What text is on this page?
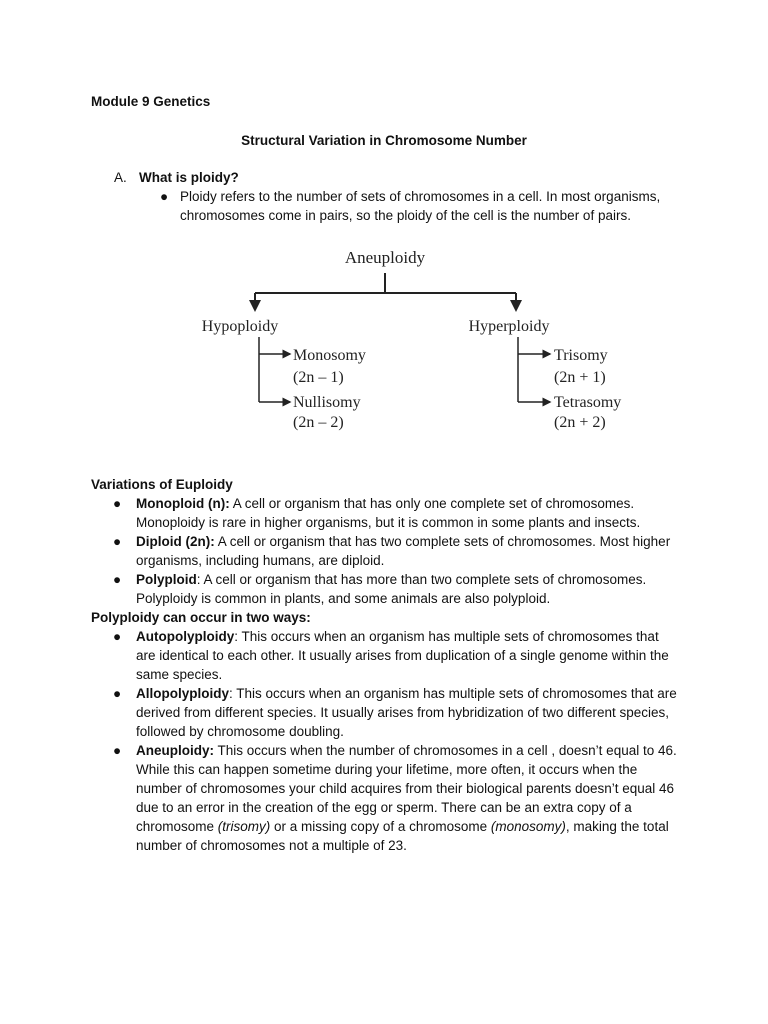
Module 9 Genetics
Structural Variation in Chromosome Number
A. What is ploidy?
● Ploidy refers to the number of sets of chromosomes in a cell. In most organisms, chromosomes come in pairs, so the ploidy of the cell is the number of pairs.
Aneuploidy
Hypoploidy	Hyperploidy
Monosomy
(2n – 1)
Nullisomy
(2n – 2)
Trisomy
(2n + 1)
Tetrasomy
(2n + 2)
Variations of Euploidy
● Monoploid (n): A cell or organism that has only one complete set of chromosomes. Monoploidy is rare in higher organisms, but it is common in some plants and insects.
● Diploid (2n): A cell or organism that has two complete sets of chromosomes. Most higher organisms, including humans, are diploid.
● Polyploid: A cell or organism that has more than two complete sets of chromosomes. Polyploidy is common in plants, and some animals are also polyploid.
Polyploidy can occur in two ways:
● Autopolyploidy: This occurs when an organism has multiple sets of chromosomes that are identical to each other. It usually arises from duplication of a single genome within the same species.
● Allopolyploidy: This occurs when an organism has multiple sets of chromosomes that are derived from different species. It usually arises from hybridization of two different species, followed by chromosome doubling.
● Aneuploidy: This occurs when the number of chromosomes in a cell , doesn’t equal to 46. While this can happen sometime during your lifetime, more often, it occurs when the number of chromosomes your child acquires from their biological parents doesn’t equal 46 due to an error in the creation of the egg or sperm. There can be an extra copy of a chromosome (trisomy) or a missing copy of a chromosome (monosomy), making the total number of chromosomes not a multiple of 23.
